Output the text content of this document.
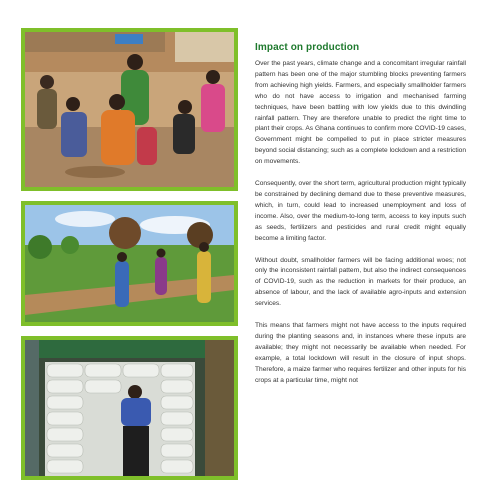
Impact on production

Over the past years, climate change and a concomitant irregular rainfall pattern has been one of the major stumbling blocks preventing farmers from achieving high yields. Farmers, and especially smallholder farmers who do not have access to irrigation and mechanised farming techniques, have been battling with low yields due to this dwindling rainfall pattern. They are therefore unable to predict the right time to plant their crops. As Ghana continues to confirm more COVID-19 cases, Government might be compelled to put in place stricter measures beyond social distancing; such as a complete lockdown and a restriction on movements.

Consequently, over the short term, agricultural production might typically be constrained by declining demand due to these preventive measures, which, in turn, could lead to increased unemployment and loss of income. Also, over the medium-to-long term, access to key inputs such as seeds, fertilizers and pesticides and rural credit might equally become a limiting factor.

Without doubt, smallholder farmers will be facing additional woes; not only the inconsistent rainfall pattern, but also the indirect consequences of COVID-19, such as the reduction in markets for their produce, an absence of labour, and the lack of available agro-inputs and extension services.

This means that farmers might not have access to the inputs required during the planting seasons and, in instances where these inputs are available; they might not necessarily be available when needed. For example, a total lockdown will result in the closure of input shops. Therefore, a maize farmer who requires fertilizer and other inputs for his crops at a particular time, might not
